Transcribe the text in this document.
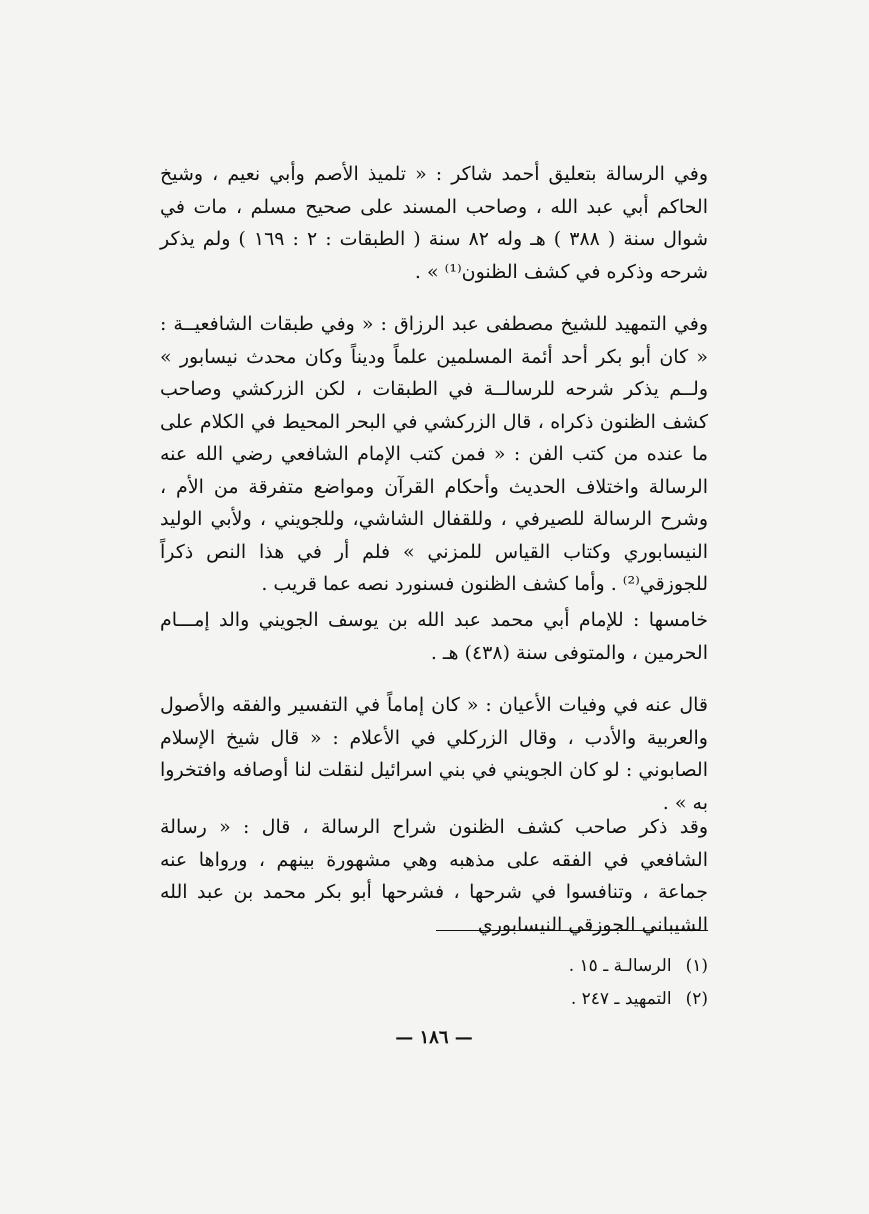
وفي الرسالة بتعليق أحمد شاكر : « تلميذ الأصم وأبي نعيم ، وشيخ الحاكم أبي عبد الله ، وصاحب المسند على صحيح مسلم ، مات في شوال سنة ( ٣٨٨ ) هـ وله ٨٢ سنة ( الطبقات : ٢ : ١٦٩ ) ولم يذكر شرحه وذكره في كشف الظنون⁽¹⁾ » .

وفي التمهيد للشيخ مصطفى عبد الرزاق : « وفي طبقات الشافعيــة : « كان أبو بكر أحد أئمة المسلمين علماً وديناً وكان محدث نيسابور » ولــم يذكر شرحه للرسالــة في الطبقات ، لكن الزركشي وصاحب كشف الظنون ذكراه ، قال الزركشي في البحر المحيط في الكلام على ما عنده من كتب الفن : « فمن كتب الإمام الشافعي رضي الله عنه الرسالة واختلاف الحديث وأحكام القرآن ومواضع متفرقة من الأم ، وشرح الرسالة للصيرفي ، وللقفال الشاشي، وللجويني ، ولأبي الوليد النيسابوري وكتاب القياس للمزني » فلم أر في هذا النص ذكراً للجوزقي⁽²⁾ . وأما كشف الظنون فسنورد نصه عما قريب .

خامسها : للإمام أبي محمد عبد الله بن يوسف الجويني والد إمـــام الحرمين ، والمتوفى سنة (٤٣٨) هـ .

قال عنه في وفيات الأعيان : « كان إماماً في التفسير والفقه والأصول والعربية والأدب ، وقال الزركلي في الأعلام : « قال شيخ الإسلام الصابوني : لو كان الجويني في بني اسرائيل لنقلت لنا أوصافه وافتخروا به » .

وقد ذكر صاحب كشف الظنون شراح الرسالة ، قال : « رسالة الشافعي في الفقه على مذهبه وهي مشهورة بينهم ، ورواها عنه جماعة ، وتنافسوا في شرحها ، فشرحها أبو بكر محمد بن عبد الله الشيباني الجوزقي النيسابوري

(١)الرسالـة ـ ١٥ .
(٢)التمهيد ـ ٢٤٧ .
— ١٨٦ —
